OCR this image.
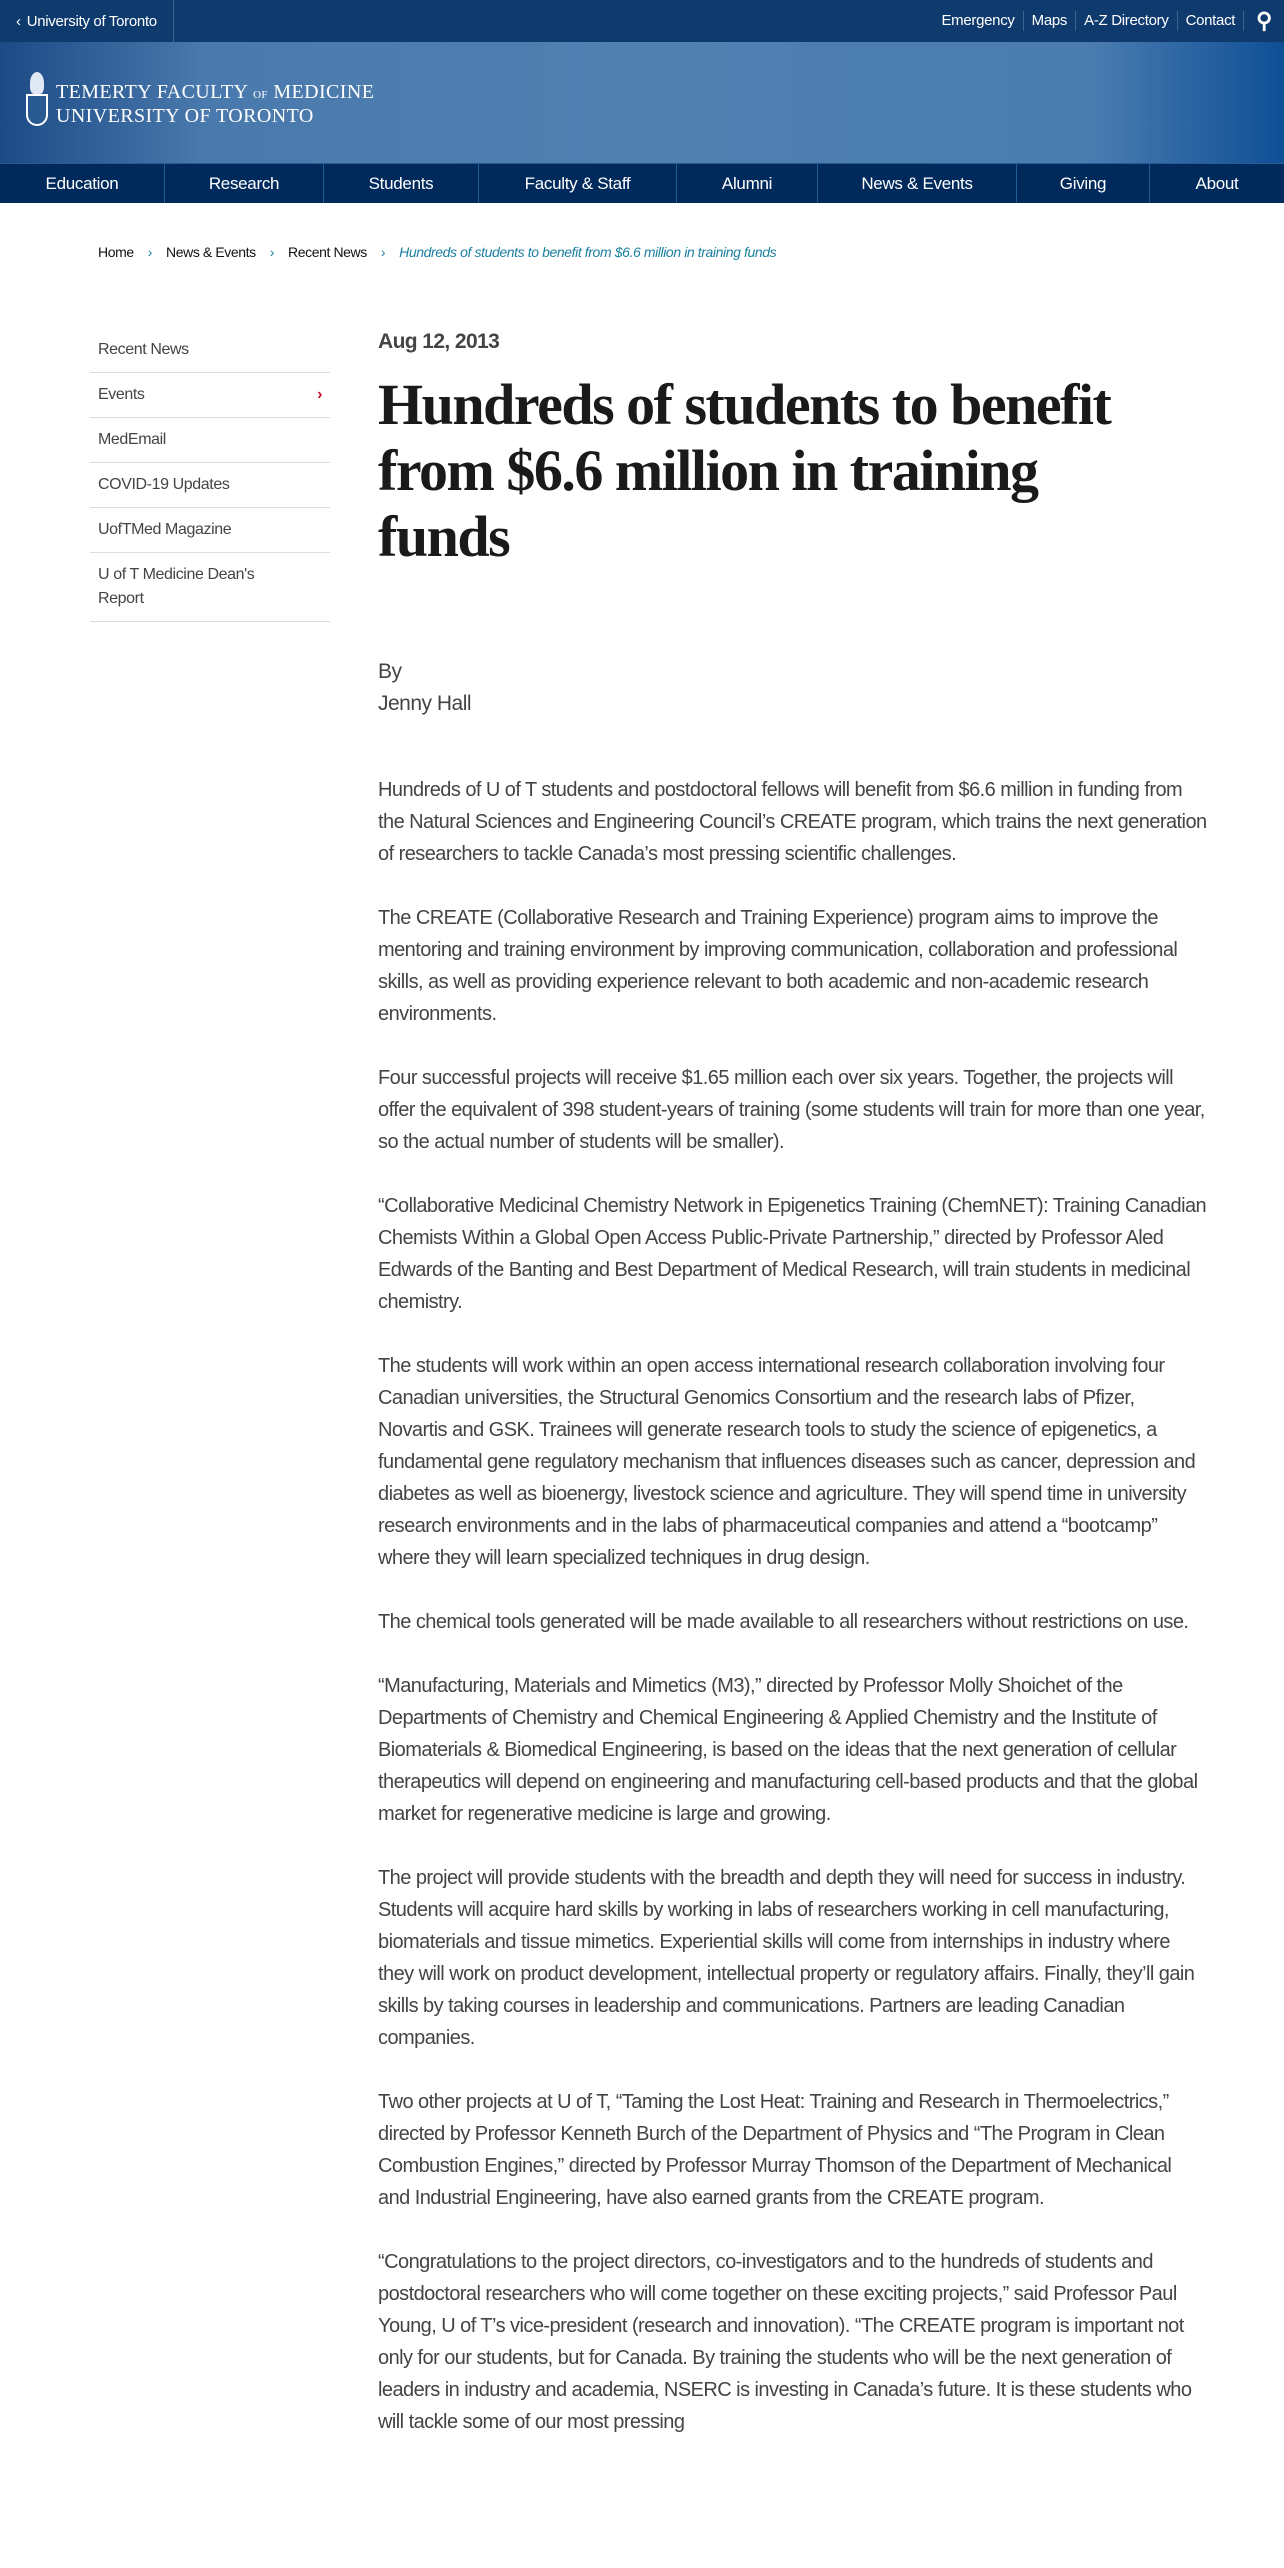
‹ University of Toronto	Emergency	Maps	A-Z Directory	Contact ⚲
TEMERTY FACULTY OF MEDICINE
UNIVERSITY OF TORONTO
Education	Research	Students	Faculty & Staff	Alumni	News & Events	Giving	About
Home › News & Events › Recent News › Hundreds of students to benefit from $6.6 million in training funds
Recent News
Events	›
MedEmail
COVID-19 Updates
UofTMed Magazine
U of T Medicine Dean's Report
Aug 12, 2013
Hundreds of students to benefit from $6.6 million in training funds
By
Jenny Hall

Hundreds of U of T students and postdoctoral fellows will benefit from $6.6 million in funding from the Natural Sciences and Engineering Council’s CREATE program, which trains the next generation of researchers to tackle Canada’s most pressing scientific challenges.

The CREATE (Collaborative Research and Training Experience) program aims to improve the mentoring and training environment by improving communication, collaboration and professional skills, as well as providing experience relevant to both academic and non-academic research environments.

Four successful projects will receive $1.65 million each over six years. Together, the projects will offer the equivalent of 398 student-years of training (some students will train for more than one year, so the actual number of students will be smaller).

“Collaborative Medicinal Chemistry Network in Epigenetics Training (ChemNET): Training Canadian Chemists Within a Global Open Access Public-Private Partnership,” directed by Professor Aled Edwards of the Banting and Best Department of Medical Research, will train students in medicinal chemistry.

The students will work within an open access international research collaboration involving four Canadian universities, the Structural Genomics Consortium and the research labs of Pfizer, Novartis and GSK. Trainees will generate research tools to study the science of epigenetics, a fundamental gene regulatory mechanism that influences diseases such as cancer, depression and diabetes as well as bioenergy, livestock science and agriculture. They will spend time in university research environments and in the labs of pharmaceutical companies and attend a “bootcamp” where they will learn specialized techniques in drug design.

The chemical tools generated will be made available to all researchers without restrictions on use.

“Manufacturing, Materials and Mimetics (M3),” directed by Professor Molly Shoichet of the Departments of Chemistry and Chemical Engineering & Applied Chemistry and the Institute of Biomaterials & Biomedical Engineering, is based on the ideas that the next generation of cellular therapeutics will depend on engineering and manufacturing cell-based products and that the global market for regenerative medicine is large and growing.

The project will provide students with the breadth and depth they will need for success in industry. Students will acquire hard skills by working in labs of researchers working in cell manufacturing, biomaterials and tissue mimetics. Experiential skills will come from internships in industry where they will work on product development, intellectual property or regulatory affairs. Finally, they’ll gain skills by taking courses in leadership and communications. Partners are leading Canadian companies.

Two other projects at U of T, “Taming the Lost Heat: Training and Research in Thermoelectrics,” directed by Professor Kenneth Burch of the Department of Physics and “The Program in Clean Combustion Engines,” directed by Professor Murray Thomson of the Department of Mechanical and Industrial Engineering, have also earned grants from the CREATE program.

“Congratulations to the project directors, co-investigators and to the hundreds of students and postdoctoral researchers who will come together on these exciting projects,” said Professor Paul Young, U of T’s vice-president (research and innovation). “The CREATE program is important not only for our students, but for Canada. By training the students who will be the next generation of leaders in industry and academia, NSERC is investing in Canada’s future. It is these students who will tackle some of our most pressing
